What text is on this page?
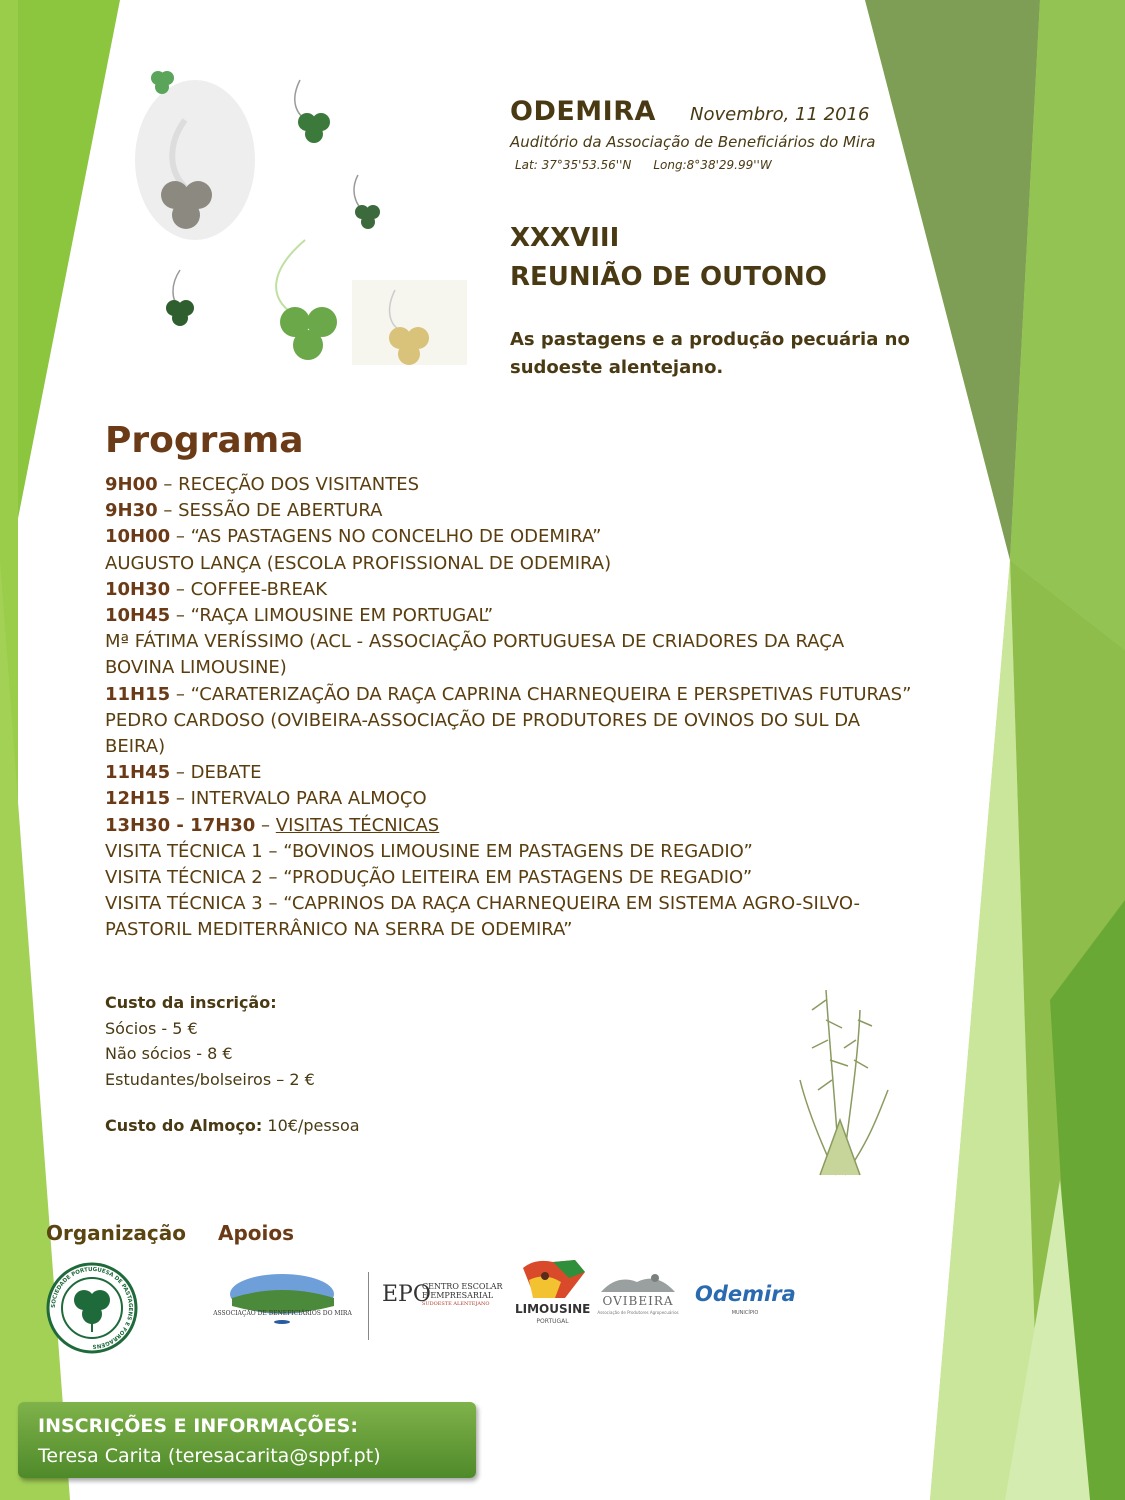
ODEMIRA Novembro, 11 2016
Auditório da Associação de Beneficiários do Mira
Lat: 37°35'53.56''N Long:8°38'29.99''W
XXXVIII
REUNIÃO DE OUTONO
As pastagens e a produção pecuária no sudoeste alentejano.
Programa
9H00 – RECEÇÃO DOS VISITANTES
9H30 – SESSÃO DE ABERTURA
10H00 – “AS PASTAGENS NO CONCELHO DE ODEMIRA”
AUGUSTO LANÇA (ESCOLA PROFISSIONAL DE ODEMIRA)
10H30 – COFFEE-BREAK
10H45 – “RAÇA LIMOUSINE EM PORTUGAL”
Mª FÁTIMA VERÍSSIMO (ACL - ASSOCIAÇÃO PORTUGUESA DE CRIADORES DA RAÇA
BOVINA LIMOUSINE)
11H15 – “CARATERIZAÇÃO DA RAÇA CAPRINA CHARNEQUEIRA E PERSPETIVAS FUTURAS”
PEDRO CARDOSO (OVIBEIRA-ASSOCIAÇÃO DE PRODUTORES DE OVINOS DO SUL DA
BEIRA)
11H45 – DEBATE
12H15 – INTERVALO PARA ALMOÇO
13H30 - 17H30 – VISITAS TÉCNICAS
VISITA TÉCNICA 1 – “BOVINOS LIMOUSINE EM PASTAGENS DE REGADIO”
VISITA TÉCNICA 2 – “PRODUÇÃO LEITEIRA EM PASTAGENS DE REGADIO”
VISITA TÉCNICA 3 – “CAPRINOS DA RAÇA CHARNEQUEIRA EM SISTEMA AGRO-SILVO-
PASTORIL MEDITERRÂNICO NA SERRA DE ODEMIRA”
Custo da inscrição:
Sócios - 5 €
Não sócios - 8 €
Estudantes/bolseiros – 2 €
Custo do Almoço: 10€/pessoa
Organização Apoios
SOCIEDADE PORTUGUESA DE PASTAGENS E FORRAGENS
ASSOCIAÇÃO DE BENEFICIÁRIOS DO MIRA
EPO
CENTRO ESCOLAR
E EMPRESARIAL
SUDOESTE ALENTEJANO	LIMOUSINE
PORTUGAL
OVIBEIRA
Associação de Produtores Agropecuários
Odemira
MUNICÍPIO
INSCRIÇÕES E INFORMAÇÕES:
Teresa Carita (teresacarita@sppf.pt)
